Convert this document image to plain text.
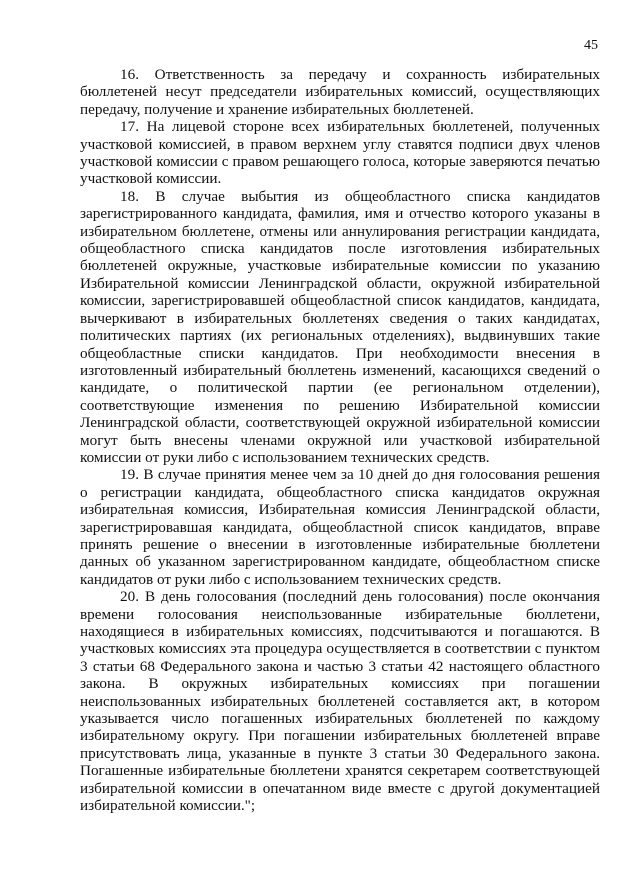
45

16. Ответственность за передачу и сохранность избирательных бюллетеней несут председатели избирательных комиссий, осуществляющих передачу, получение и хранение избирательных бюллетеней.

17. На лицевой стороне всех избирательных бюллетеней, полученных участковой комиссией, в правом верхнем углу ставятся подписи двух членов участковой комиссии с правом решающего голоса, которые заверяются печатью участковой комиссии.

18. В случае выбытия из общеобластного списка кандидатов зарегистрированного кандидата, фамилия, имя и отчество которого указаны в избирательном бюллетене, отмены или аннулирования регистрации кандидата, общеобластного списка кандидатов после изготовления избирательных бюллетеней окружные, участковые избирательные комиссии по указанию Избирательной комиссии Ленинградской области, окружной избирательной комиссии, зарегистрировавшей общеобластной список кандидатов, кандидата, вычеркивают в избирательных бюллетенях сведения о таких кандидатах, политических партиях (их региональных отделениях), выдвинувших такие общеобластные списки кандидатов. При необходимости внесения в изготовленный избирательный бюллетень изменений, касающихся сведений о кандидате, о политической партии (ее региональном отделении), соответствующие изменения по решению Избирательной комиссии Ленинградской области, соответствующей окружной избирательной комиссии могут быть внесены членами окружной или участковой избирательной комиссии от руки либо с использованием технических средств.

19. В случае принятия менее чем за 10 дней до дня голосования решения о регистрации кандидата, общеобластного списка кандидатов окружная избирательная комиссия, Избирательная комиссия Ленинградской области, зарегистрировавшая кандидата, общеобластной список кандидатов, вправе принять решение о внесении в изготовленные избирательные бюллетени данных об указанном зарегистрированном кандидате, общеобластном списке кандидатов от руки либо с использованием технических средств.

20. В день голосования (последний день голосования) после окончания времени голосования неиспользованные избирательные бюллетени, находящиеся в избирательных комиссиях, подсчитываются и погашаются. В участковых комиссиях эта процедура осуществляется в соответствии с пунктом 3 статьи 68 Федерального закона и частью 3 статьи 42 настоящего областного закона. В окружных избирательных комиссиях при погашении неиспользованных избирательных бюллетеней составляется акт, в котором указывается число погашенных избирательных бюллетеней по каждому избирательному округу. При погашении избирательных бюллетеней вправе присутствовать лица, указанные в пункте 3 статьи 30 Федерального закона. Погашенные избирательные бюллетени хранятся секретарем соответствующей избирательной комиссии в опечатанном виде вместе с другой документацией избирательной комиссии.";
